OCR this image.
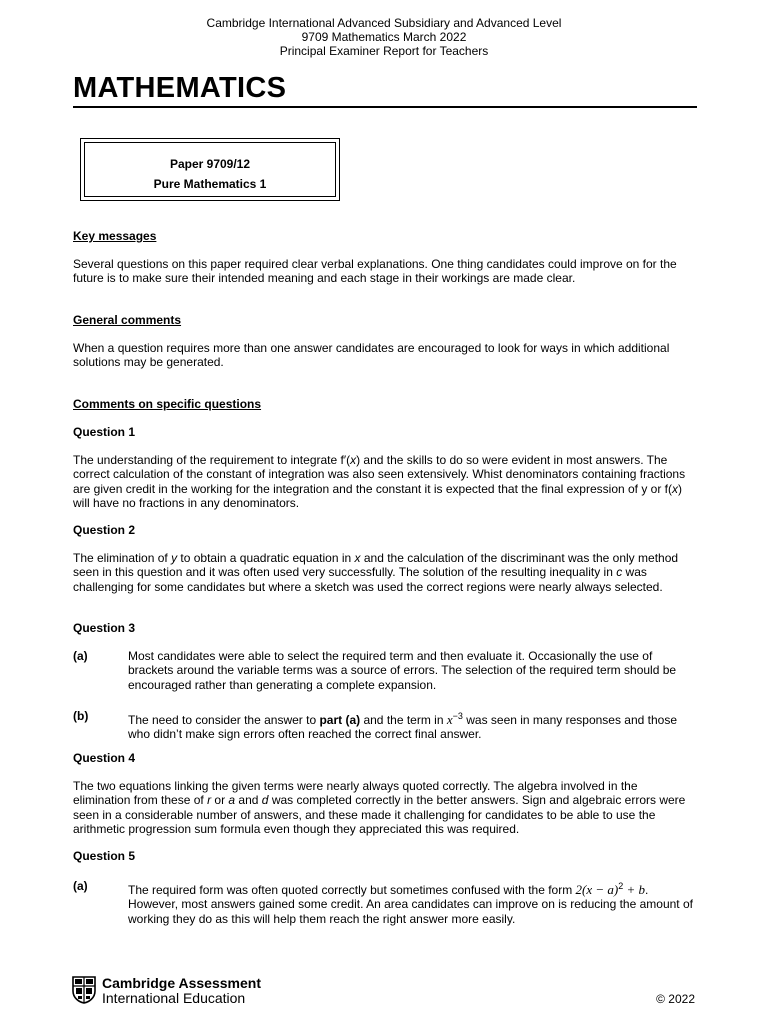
Cambridge International Advanced Subsidiary and Advanced Level
9709 Mathematics March 2022
Principal Examiner Report for Teachers
MATHEMATICS
Paper 9709/12
Pure Mathematics 1
Key messages
Several questions on this paper required clear verbal explanations. One thing candidates could improve on for the future is to make sure their intended meaning and each stage in their workings are made clear.
General comments
When a question requires more than one answer candidates are encouraged to look for ways in which additional solutions may be generated.
Comments on specific questions
Question 1
The understanding of the requirement to integrate f′(x) and the skills to do so were evident in most answers. The correct calculation of the constant of integration was also seen extensively. Whist denominators containing fractions are given credit in the working for the integration and the constant it is expected that the final expression of y or f(x) will have no fractions in any denominators.
Question 2
The elimination of y to obtain a quadratic equation in x and the calculation of the discriminant was the only method seen in this question and it was often used very successfully. The solution of the resulting inequality in c was challenging for some candidates but where a sketch was used the correct regions were nearly always selected.
Question 3
(a)	Most candidates were able to select the required term and then evaluate it. Occasionally the use of brackets around the variable terms was a source of errors. The selection of the required term should be encouraged rather than generating a complete expansion.
(b)	The need to consider the answer to part (a) and the term in $x^{-3}$ was seen in many responses and those who didn’t make sign errors often reached the correct final answer.
Question 4
The two equations linking the given terms were nearly always quoted correctly. The algebra involved in the elimination from these of r or a and d was completed correctly in the better answers. Sign and algebraic errors were seen in a considerable number of answers, and these made it challenging for candidates to be able to use the arithmetic progression sum formula even though they appreciated this was required.
Question 5
(a)	The required form was often quoted correctly but sometimes confused with the form $2(x - a)^2 + b$. However, most answers gained some credit. An area candidates can improve on is reducing the amount of working they do as this will help them reach the right answer more easily.
Cambridge Assessment
International Education	© 2022
